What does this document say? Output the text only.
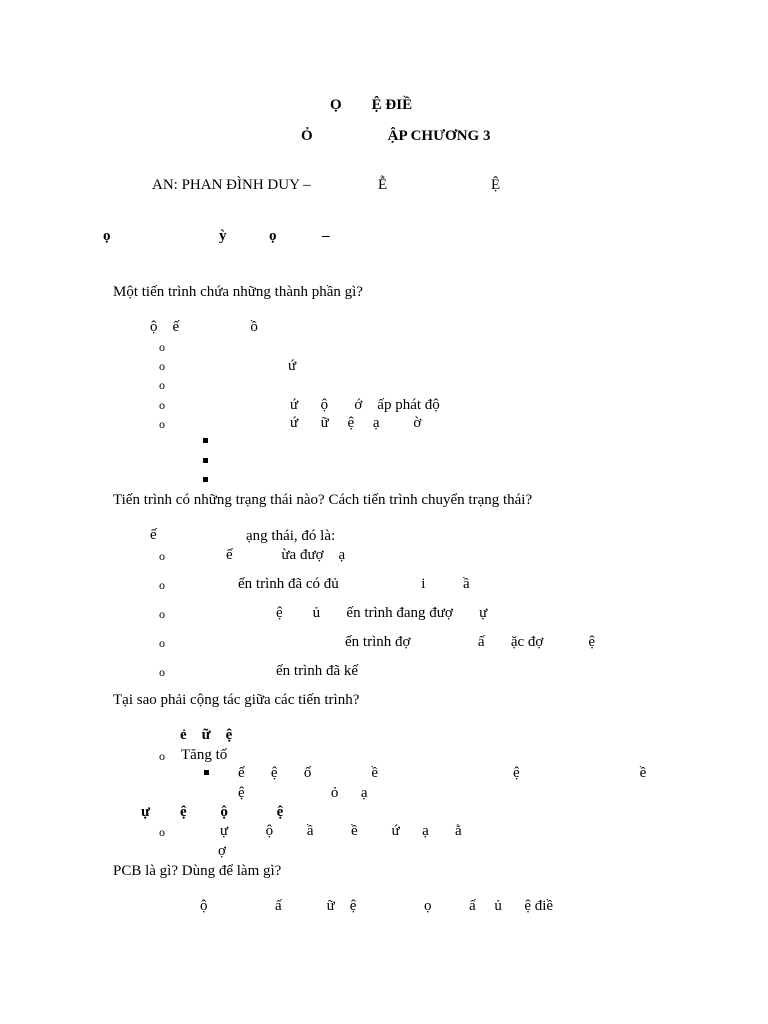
Ọ        Ệ ĐIỀ
Ỏ                    ẬP CHƯƠNG 3
AN: PHAN ĐÌNH DUY –	Ễ	Ệ
ọ	ỳ	ọ	–
Một tiến trình chứa những thành phần gì?
ộ    ế                   ồ
o
o	ứ
o
o	ứ      ộ       ớ    ấp phát độ
o	ứ      ữ     ệ     ạ         ờ
Tiến trình có những trạng thái nào? Cách tiến trình chuyển trạng thái?
ế	ạng thái, đó là:
o	ế             ừa đượ    ạ
o	ến trình đã có đủ                      i          ầ
o	ệ        ủ       ến trình đang đượ       ự
o	ến trình đợ                  ấ       ặc đợ            ệ
o	ến trình đã kế
Tại sao phải cộng tác giữa các tiến trình?
ẻ    ữ    ệ
o Tăng tố
ế       ệ       ố                ề                                    ệ                                ề
ệ                       ỏ      ạ
ự        ệ         ộ             ệ
o	ự          ộ         ầ          ề         ứ      ạ       ằ
ợ
PCB là gì? Dùng để làm gì?
ộ                  ấ            ữ    ệ                  ọ          ấ     ủ      ệ điề
